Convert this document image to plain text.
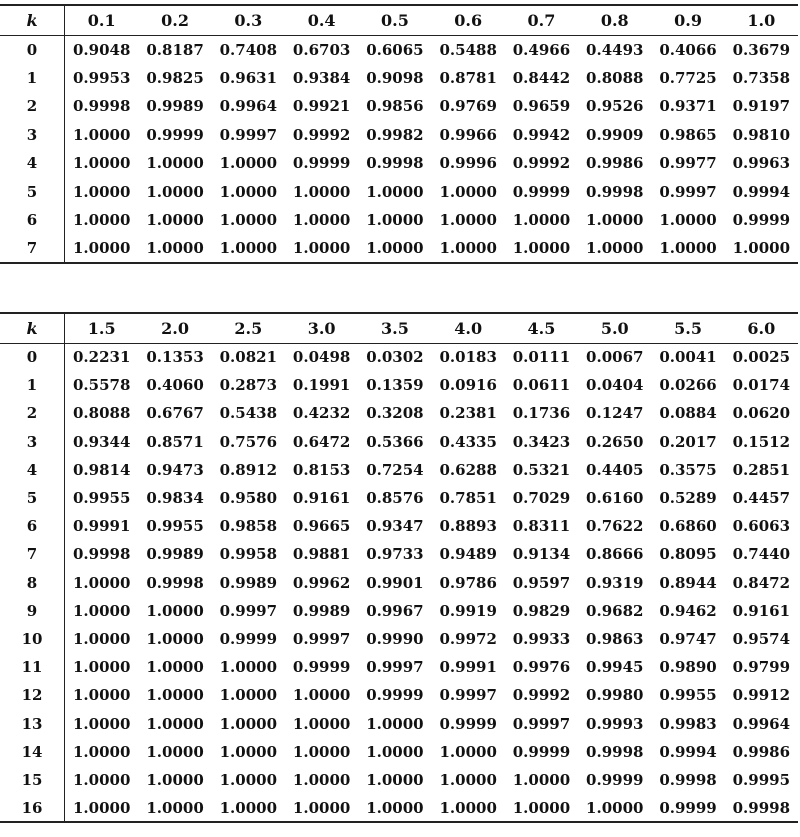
k	0.1	0.2	0.3	0.4	0.5	0.6	0.7	0.8	0.9	1.0
0	0.9048	0.8187	0.7408	0.6703	0.6065	0.5488	0.4966	0.4493	0.4066	0.3679
1	0.9953	0.9825	0.9631	0.9384	0.9098	0.8781	0.8442	0.8088	0.7725	0.7358
2	0.9998	0.9989	0.9964	0.9921	0.9856	0.9769	0.9659	0.9526	0.9371	0.9197
3	1.0000	0.9999	0.9997	0.9992	0.9982	0.9966	0.9942	0.9909	0.9865	0.9810
4	1.0000	1.0000	1.0000	0.9999	0.9998	0.9996	0.9992	0.9986	0.9977	0.9963
5	1.0000	1.0000	1.0000	1.0000	1.0000	1.0000	0.9999	0.9998	0.9997	0.9994
6	1.0000	1.0000	1.0000	1.0000	1.0000	1.0000	1.0000	1.0000	1.0000	0.9999
7	1.0000	1.0000	1.0000	1.0000	1.0000	1.0000	1.0000	1.0000	1.0000	1.0000
k	1.5	2.0	2.5	3.0	3.5	4.0	4.5	5.0	5.5	6.0
0	0.2231	0.1353	0.0821	0.0498	0.0302	0.0183	0.0111	0.0067	0.0041	0.0025
1	0.5578	0.4060	0.2873	0.1991	0.1359	0.0916	0.0611	0.0404	0.0266	0.0174
2	0.8088	0.6767	0.5438	0.4232	0.3208	0.2381	0.1736	0.1247	0.0884	0.0620
3	0.9344	0.8571	0.7576	0.6472	0.5366	0.4335	0.3423	0.2650	0.2017	0.1512
4	0.9814	0.9473	0.8912	0.8153	0.7254	0.6288	0.5321	0.4405	0.3575	0.2851
5	0.9955	0.9834	0.9580	0.9161	0.8576	0.7851	0.7029	0.6160	0.5289	0.4457
6	0.9991	0.9955	0.9858	0.9665	0.9347	0.8893	0.8311	0.7622	0.6860	0.6063
7	0.9998	0.9989	0.9958	0.9881	0.9733	0.9489	0.9134	0.8666	0.8095	0.7440
8	1.0000	0.9998	0.9989	0.9962	0.9901	0.9786	0.9597	0.9319	0.8944	0.8472
9	1.0000	1.0000	0.9997	0.9989	0.9967	0.9919	0.9829	0.9682	0.9462	0.9161
10	1.0000	1.0000	0.9999	0.9997	0.9990	0.9972	0.9933	0.9863	0.9747	0.9574
11	1.0000	1.0000	1.0000	0.9999	0.9997	0.9991	0.9976	0.9945	0.9890	0.9799
12	1.0000	1.0000	1.0000	1.0000	0.9999	0.9997	0.9992	0.9980	0.9955	0.9912
13	1.0000	1.0000	1.0000	1.0000	1.0000	0.9999	0.9997	0.9993	0.9983	0.9964
14	1.0000	1.0000	1.0000	1.0000	1.0000	1.0000	0.9999	0.9998	0.9994	0.9986
15	1.0000	1.0000	1.0000	1.0000	1.0000	1.0000	1.0000	0.9999	0.9998	0.9995
16	1.0000	1.0000	1.0000	1.0000	1.0000	1.0000	1.0000	1.0000	0.9999	0.9998
